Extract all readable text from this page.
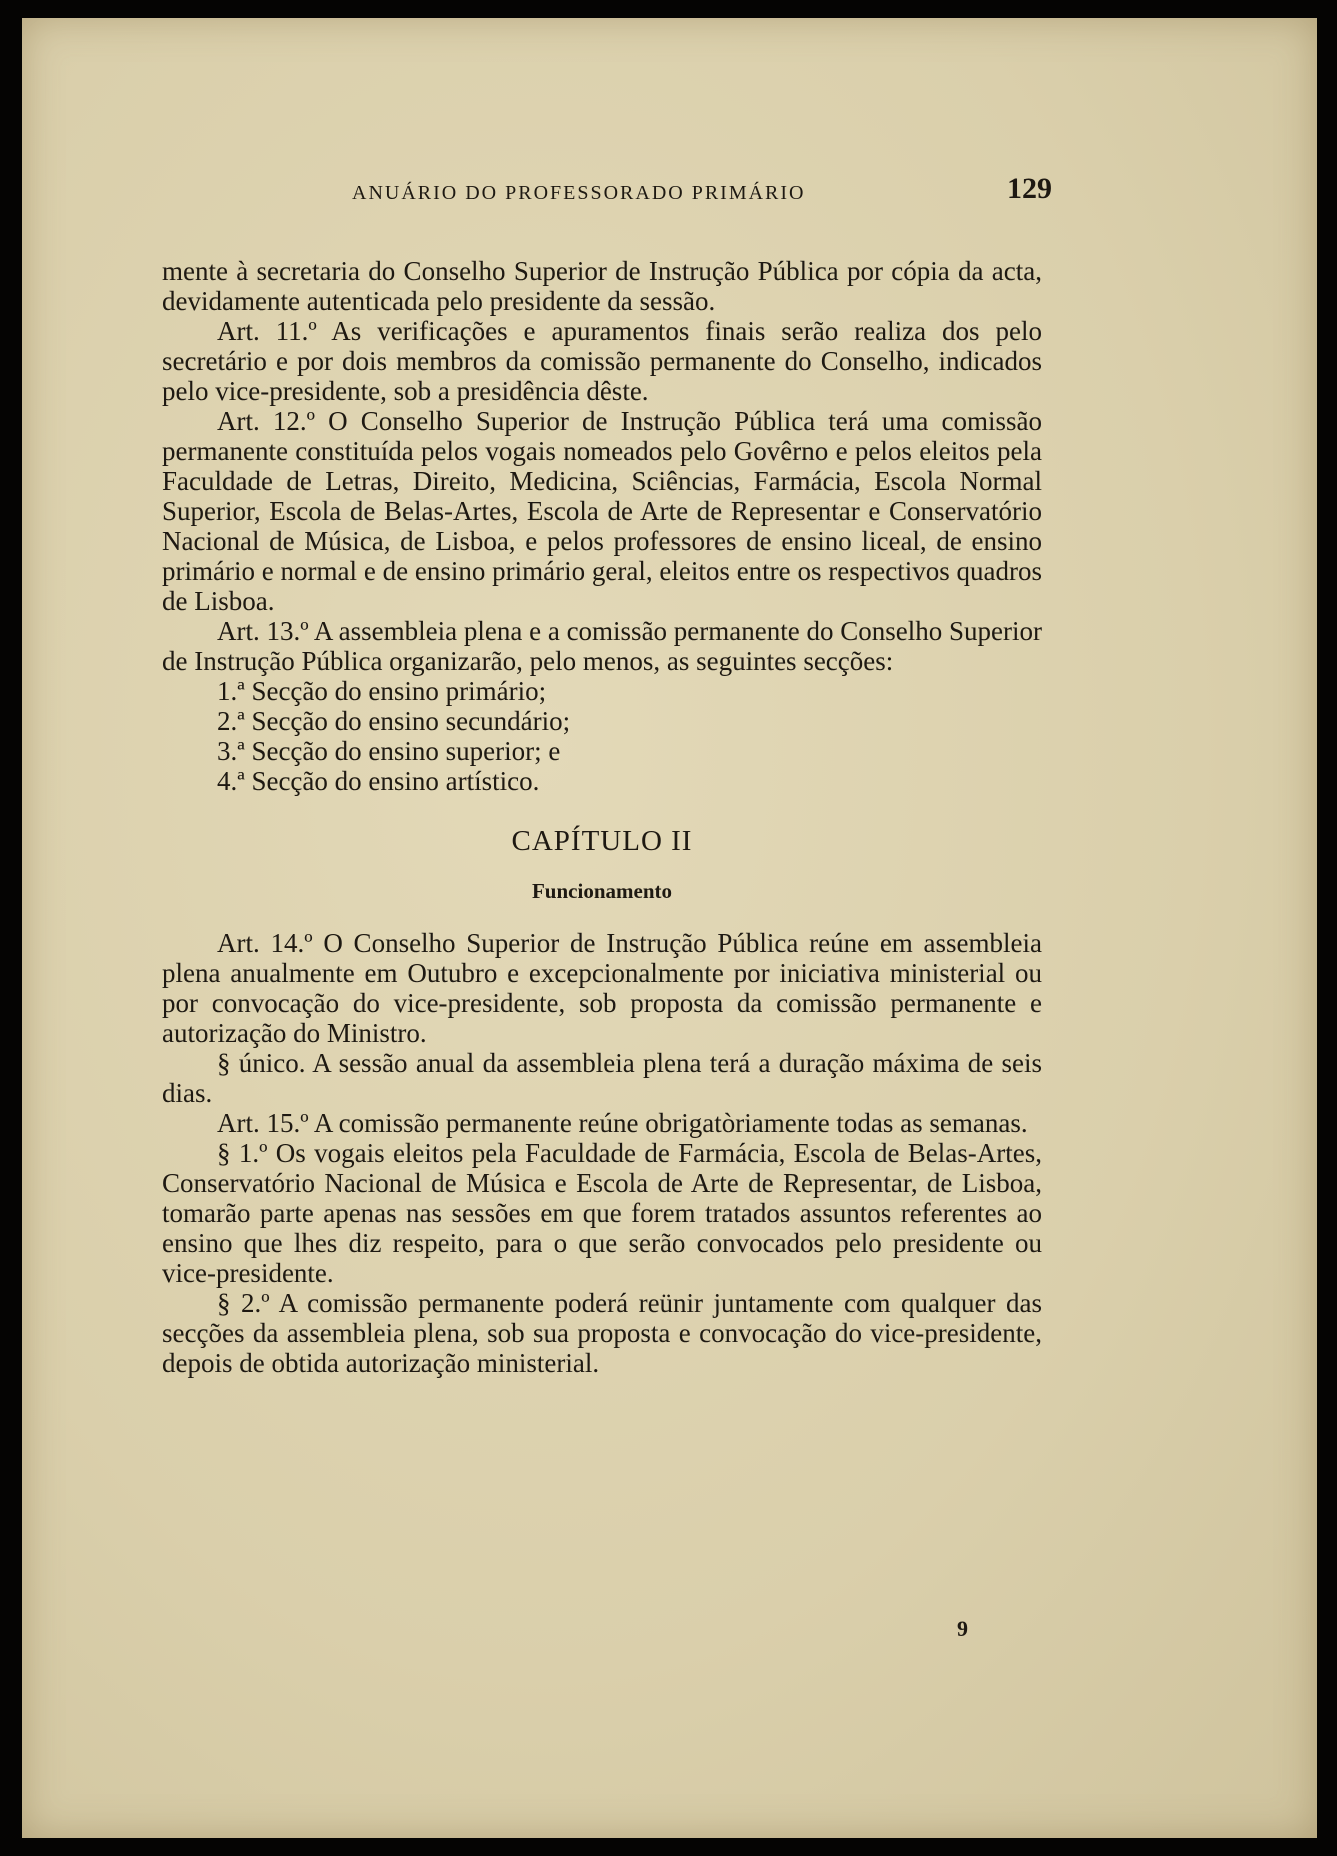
ANUÁRIO DO PROFESSORADO PRIMÁRIO	129

mente à secretaria do Conselho Superior de Instrução Pública por cópia da acta, devidamente autenticada pelo presidente da sessão.

Art. 11.º As verificações e apuramentos finais serão realiza dos pelo secretário e por dois membros da comissão permanente do Conselho, indicados pelo vice-presidente, sob a presidência dêste.

Art. 12.º O Conselho Superior de Instrução Pública terá uma comissão permanente constituída pelos vogais nomeados pelo Govêrno e pelos eleitos pela Faculdade de Letras, Direito, Medicina, Sciências, Farmácia, Escola Normal Superior, Escola de Belas-Artes, Escola de Arte de Representar e Conservatório Nacional de Música, de Lisboa, e pelos professores de ensino liceal, de ensino primário e normal e de ensino primário geral, eleitos entre os respectivos quadros de Lisboa.

Art. 13.º A assembleia plena e a comissão permanente do Conselho Superior de Instrução Pública organizarão, pelo menos, as seguintes secções:

1.ª Secção do ensino primário;

2.ª Secção do ensino secundário;

3.ª Secção do ensino superior; e

4.ª Secção do ensino artístico.

CAPÍTULO II
Funcionamento

Art. 14.º O Conselho Superior de Instrução Pública reúne em assembleia plena anualmente em Outubro e excepcionalmente por iniciativa ministerial ou por convocação do vice-presidente, sob proposta da comissão permanente e autorização do Ministro.

§ único. A sessão anual da assembleia plena terá a duração máxima de seis dias.

Art. 15.º A comissão permanente reúne obrigatòriamente todas as semanas.

§ 1.º Os vogais eleitos pela Faculdade de Farmácia, Escola de Belas-Artes, Conservatório Nacional de Música e Escola de Arte de Representar, de Lisboa, tomarão parte apenas nas sessões em que forem tratados assuntos referentes ao ensino que lhes diz respeito, para o que serão convocados pelo presidente ou vice-presidente.

§ 2.º A comissão permanente poderá reünir juntamente com qualquer das secções da assembleia plena, sob sua proposta e convocação do vice-presidente, depois de obtida autorização ministerial.

9
